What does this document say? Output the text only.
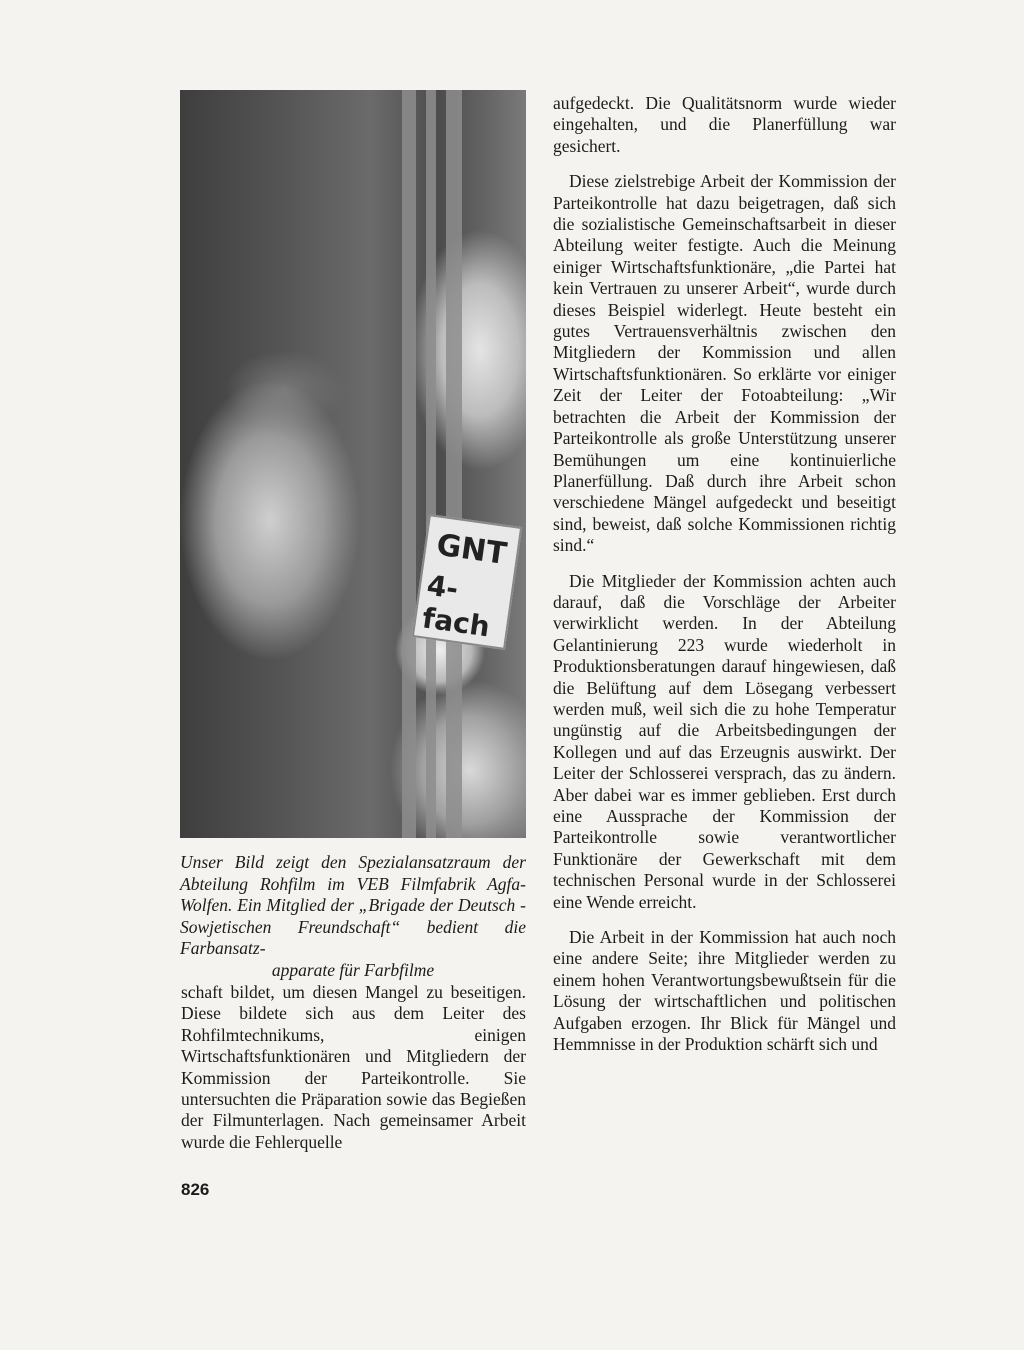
GNT
4-fach
Unser Bild zeigt den Spezialansatzraum der Abteilung Rohfilm im VEB Filmfabrik Agfa-Wolfen. Ein Mitglied der „Brigade der Deutsch - Sowjetischen Freundschaft“ bedient die Farbansatz-
apparate für Farbfilme

schaft bildet, um diesen Mangel zu beseitigen. Diese bildete sich aus dem Leiter des Rohfilmtechnikums, einigen Wirtschaftsfunktionären und Mitgliedern der Kommission der Parteikontrolle. Sie untersuchten die Präparation sowie das Begießen der Filmunterlagen. Nach gemeinsamer Arbeit wurde die Fehlerquelle

aufgedeckt. Die Qualitätsnorm wurde wieder eingehalten, und die Planerfüllung war gesichert.

Diese zielstrebige Arbeit der Kommission der Parteikontrolle hat dazu beigetragen, daß sich die sozialistische Gemeinschaftsarbeit in dieser Abteilung weiter festigte. Auch die Meinung einiger Wirtschaftsfunktionäre, „die Partei hat kein Vertrauen zu unserer Arbeit“, wurde durch dieses Beispiel widerlegt. Heute besteht ein gutes Vertrauensverhältnis zwischen den Mitgliedern der Kommission und allen Wirtschaftsfunktionären. So erklärte vor einiger Zeit der Leiter der Fotoabteilung: „Wir betrachten die Arbeit der Kommission der Parteikontrolle als große Unterstützung unserer Bemühungen um eine kontinuierliche Planerfüllung. Daß durch ihre Arbeit schon verschiedene Mängel aufgedeckt und beseitigt sind, beweist, daß solche Kommissionen richtig sind.“

Die Mitglieder der Kommission achten auch darauf, daß die Vorschläge der Arbeiter verwirklicht werden. In der Abteilung Gelantinierung 223 wurde wiederholt in Produktionsberatungen darauf hingewiesen, daß die Belüftung auf dem Lösegang verbessert werden muß, weil sich die zu hohe Temperatur ungünstig auf die Arbeitsbedingungen der Kollegen und auf das Erzeugnis auswirkt. Der Leiter der Schlosserei versprach, das zu ändern. Aber dabei war es immer geblieben. Erst durch eine Aussprache der Kommission der Parteikontrolle sowie verantwortlicher Funktionäre der Gewerkschaft mit dem technischen Personal wurde in der Schlosserei eine Wende erreicht.

Die Arbeit in der Kommission hat auch noch eine andere Seite; ihre Mitglieder werden zu einem hohen Verantwortungsbewußtsein für die Lösung der wirtschaftlichen und politischen Aufgaben erzogen. Ihr Blick für Mängel und Hemmnisse in der Produktion schärft sich und

826
